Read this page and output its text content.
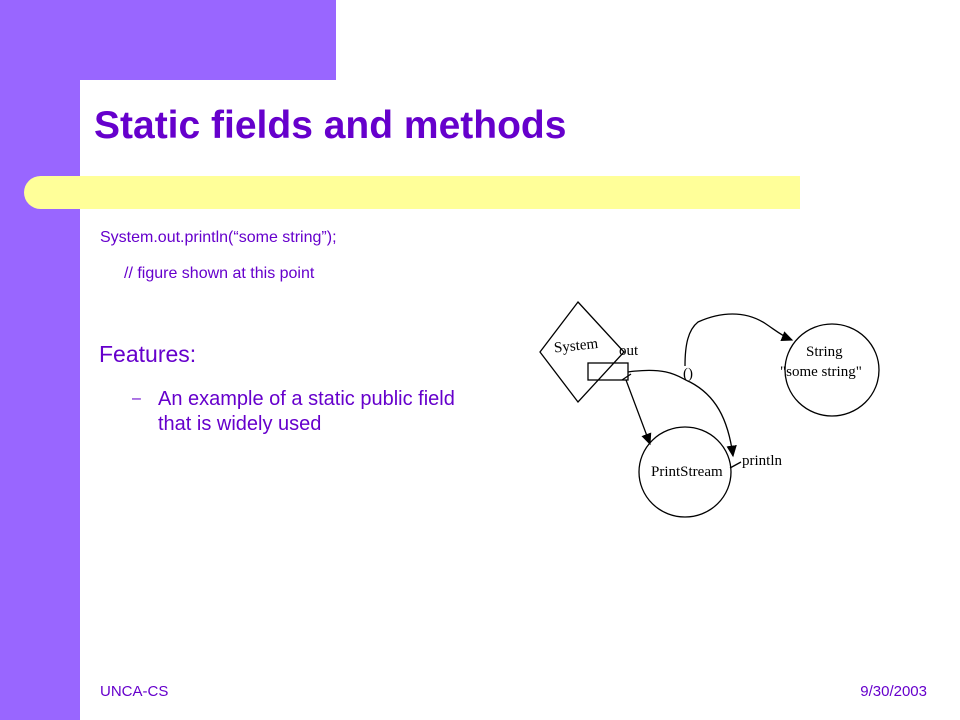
Static fields and methods
System.out.println(“some string”);
// figure shown at this point
Features:
– An example of a static public field that is widely used
System out	String
"some string"
PrintStream
println
()
UNCA-CS	9/30/2003
